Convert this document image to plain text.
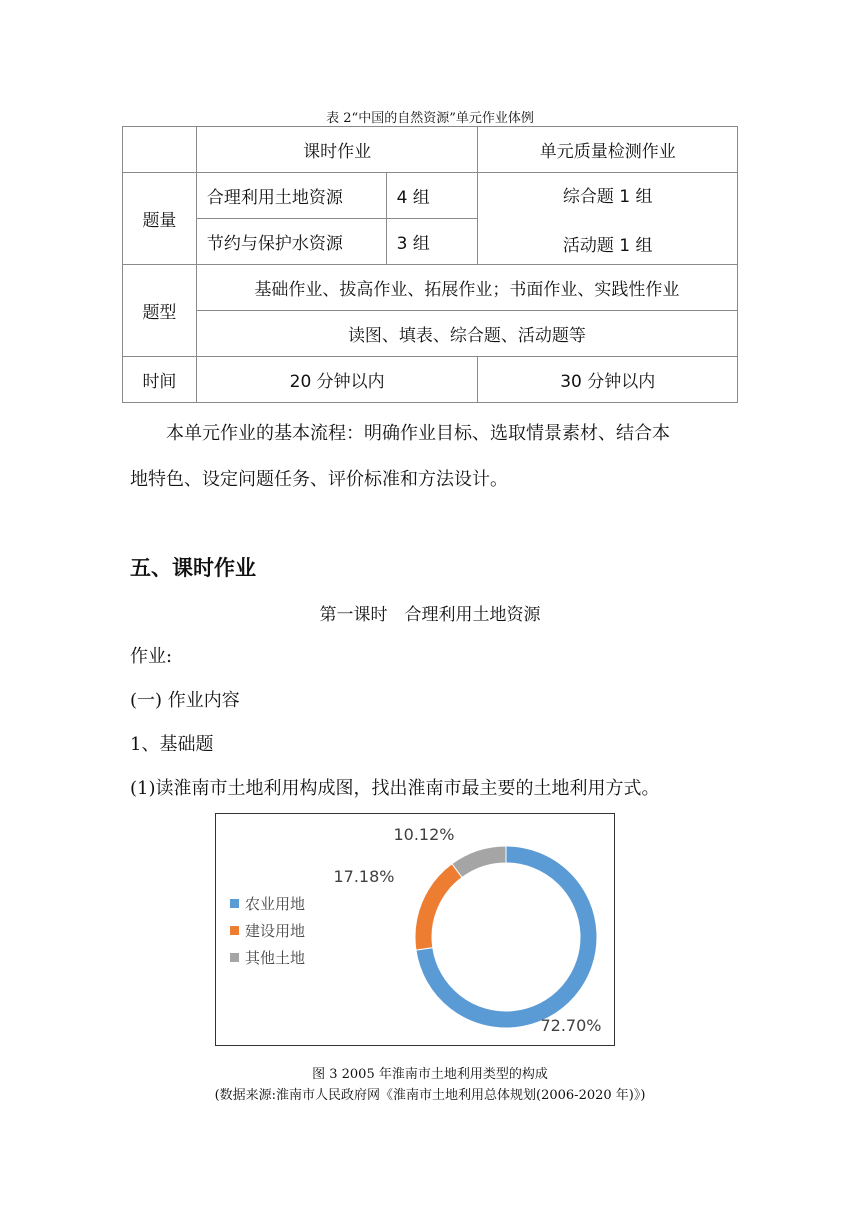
表 2“中国的自然资源”单元作业体例
	课时作业		单元质量检测作业
题量	合理利用土地资源	4 组	综合题 1 组
活动题 1 组

	节约与保护水资源	3 组	
题型	基础作业、拔高作业、拓展作业；书面作业、实践性作业		
	读图、填表、综合题、活动题等		
时间	20 分钟以内		30 分钟以内
本单元作业的基本流程：明确作业目标、选取情景素材、结合本
地特色、设定问题任务、评价标准和方法设计。
五、课时作业
第一课时　合理利用土地资源
作业:
(一) 作业内容
1、基础题
(1)读淮南市土地利用构成图，找出淮南市最主要的土地利用方式。
农业用地
建设用地
其他土地
72.70%
17.18%
10.12%
图 3 2005 年淮南市土地利用类型的构成
(数据来源:淮南市人民政府网《淮南市土地利用总体规划(2006-2020 年)》)
